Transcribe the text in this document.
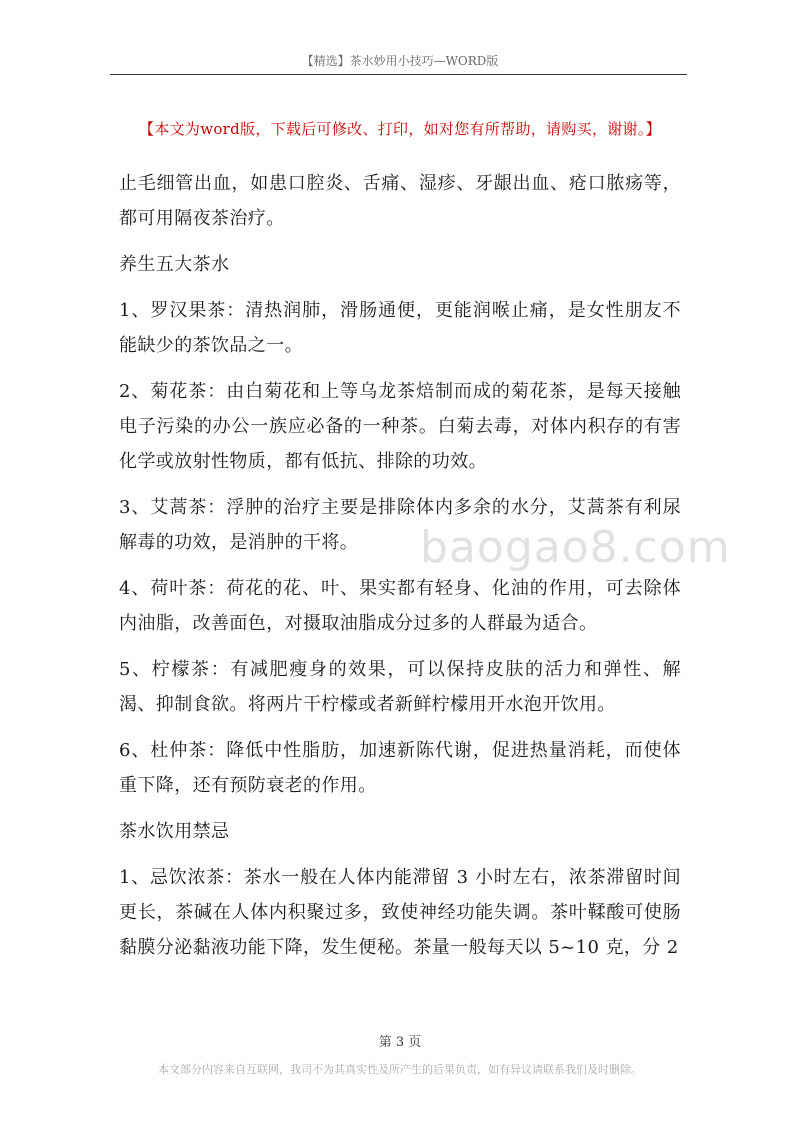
【精选】茶水妙用小技巧—WORD版
【本文为word版，下载后可修改、打印，如对您有所帮助，请购买，谢谢。】

止毛细管出血，如患口腔炎、舌痛、湿疹、牙龈出血、疮口脓疡等，都可用隔夜茶治疗。

养生五大茶水

1、罗汉果茶：清热润肺，滑肠通便，更能润喉止痛，是女性朋友不能缺少的茶饮品之一。

2、菊花茶：由白菊花和上等乌龙茶焙制而成的菊花茶，是每天接触电子污染的办公一族应必备的一种茶。白菊去毒，对体内积存的有害化学或放射性物质，都有低抗、排除的功效。

3、艾蒿茶：浮肿的治疗主要是排除体内多余的水分，艾蒿茶有利尿解毒的功效，是消肿的干将。

4、荷叶茶：荷花的花、叶、果实都有轻身、化油的作用，可去除体内油脂，改善面色，对摄取油脂成分过多的人群最为适合。

5、柠檬茶：有减肥瘦身的效果，可以保持皮肤的活力和弹性、解渴、抑制食欲。将两片干柠檬或者新鲜柠檬用开水泡开饮用。

6、杜仲茶：降低中性脂肪，加速新陈代谢，促进热量消耗，而使体重下降，还有预防衰老的作用。

茶水饮用禁忌

1、忌饮浓茶：茶水一般在人体内能滞留 3 小时左右，浓茶滞留时间更长，茶碱在人体内积聚过多，致使神经功能失调。茶叶鞣酸可使肠黏膜分泌黏液功能下降，发生便秘。茶量一般每天以 5~10 克，分 2

baogao8.com
第 3 页
本文部分内容来自互联网，我司不为其真实性及所产生的后果负责，如有异议请联系我们及时删除。
